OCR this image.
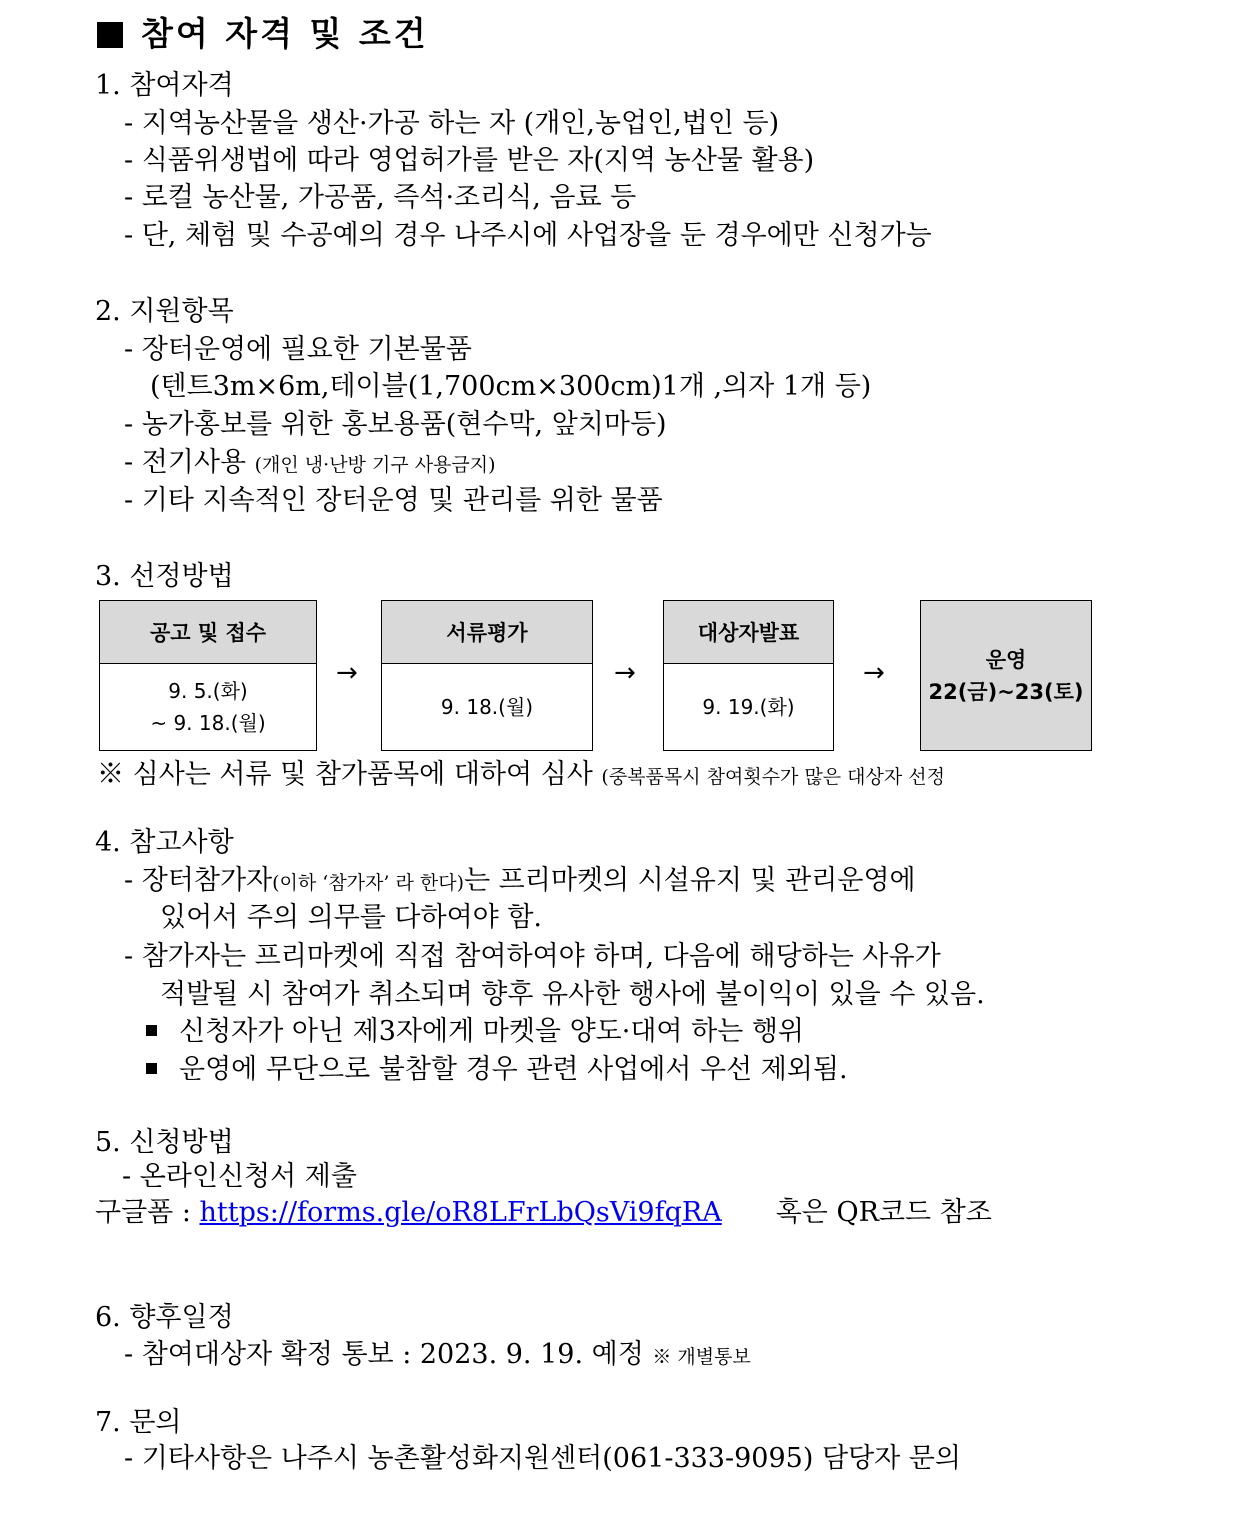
참여 자격 및 조건
1. 참여자격
- 지역농산물을 생산·가공 하는 자 (개인,농업인,법인 등)
- 식품위생법에 따라 영업허가를 받은 자(지역 농산물 활용)
- 로컬 농산물, 가공품, 즉석·조리식, 음료 등
- 단, 체험 및 수공예의 경우 나주시에 사업장을 둔 경우에만 신청가능
2. 지원항목
- 장터운영에 필요한 기본물품
(텐트3m×6m,테이블(1,700cm×300cm)1개 ,의자 1개 등)
- 농가홍보를 위한 홍보용품(현수막, 앞치마등)
- 전기사용 (개인 냉·난방 기구 사용금지)
- 기타 지속적인 장터운영 및 관리를 위한 물품
3. 선정방법
공고 및 접수
9. 5.(화)
~ 9. 18.(월)
→
서류평가
9. 18.(월)
→
대상자발표
9. 19.(화)
→	운영
22(금)~23(토)
※ 심사는 서류 및 참가품목에 대하여 심사 (중복품목시 참여횟수가 많은 대상자 선정
4. 참고사항
- 장터참가자(이하 ‘참가자’ 라 한다)는 프리마켓의 시설유지 및 관리운영에
있어서 주의 의무를 다하여야 함.
- 참가자는 프리마켓에 직접 참여하여야 하며, 다음에 해당하는 사유가
적발될 시 참여가 취소되며 향후 유사한 행사에 불이익이 있을 수 있음.
신청자가 아닌 제3자에게 마켓을 양도·대여 하는 행위
운영에 무단으로 불참할 경우 관련 사업에서 우선 제외됨.
5. 신청방법
- 온라인신청서 제출
구글폼 : https://forms.gle/oR8LFrLbQsVi9fqRA 혹은 QR코드 참조
6. 향후일정
- 참여대상자 확정 통보 : 2023. 9. 19. 예정 ※ 개별통보
7. 문의
- 기타사항은 나주시 농촌활성화지원센터(061-333-9095) 담당자 문의
